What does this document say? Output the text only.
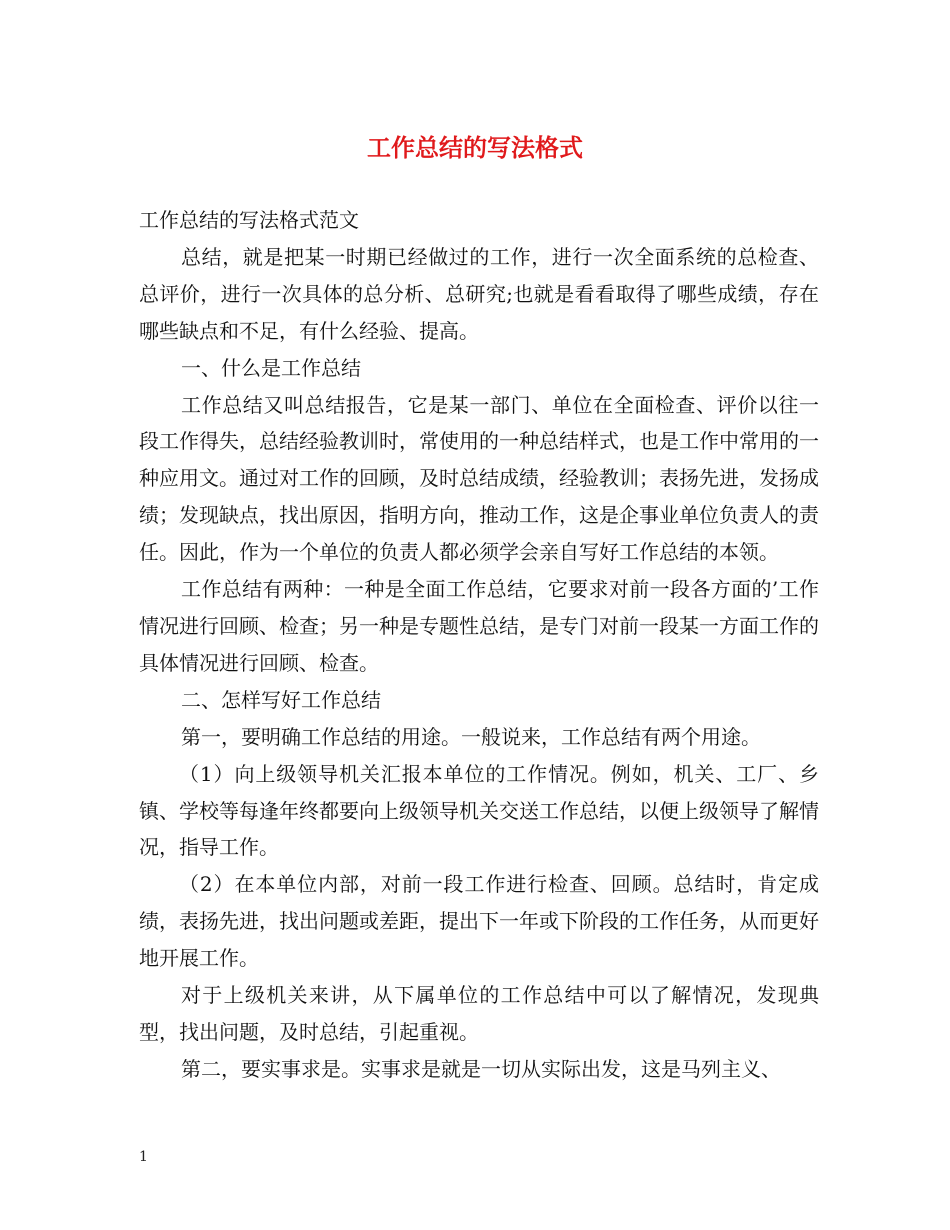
工作总结的写法格式

工作总结的写法格式范文

总结，就是把某一时期已经做过的工作，进行一次全面系统的总检查、总评价，进行一次具体的总分析、总研究;也就是看看取得了哪些成绩，存在哪些缺点和不足，有什么经验、提高。

一、什么是工作总结

工作总结又叫总结报告，它是某一部门、单位在全面检查、评价以往一段工作得失，总结经验教训时，常使用的一种总结样式，也是工作中常用的一种应用文。通过对工作的回顾，及时总结成绩，经验教训；表扬先进，发扬成绩；发现缺点，找出原因，指明方向，推动工作，这是企事业单位负责人的责任。因此，作为一个单位的负责人都必须学会亲自写好工作总结的本领。

工作总结有两种：一种是全面工作总结，它要求对前一段各方面的’工作情况进行回顾、检查；另一种是专题性总结，是专门对前一段某一方面工作的具体情况进行回顾、检查。

二、怎样写好工作总结

第一，要明确工作总结的用途。一般说来，工作总结有两个用途。

（1）向上级领导机关汇报本单位的工作情况。例如，机关、工厂、乡镇、学校等每逢年终都要向上级领导机关交送工作总结，以便上级领导了解情况，指导工作。

（2）在本单位内部，对前一段工作进行检查、回顾。总结时，肯定成绩，表扬先进，找出问题或差距，提出下一年或下阶段的工作任务，从而更好地开展工作。

对于上级机关来讲，从下属单位的工作总结中可以了解情况，发现典型，找出问题，及时总结，引起重视。

第二，要实事求是。实事求是就是一切从实际出发，这是马列主义、

1
